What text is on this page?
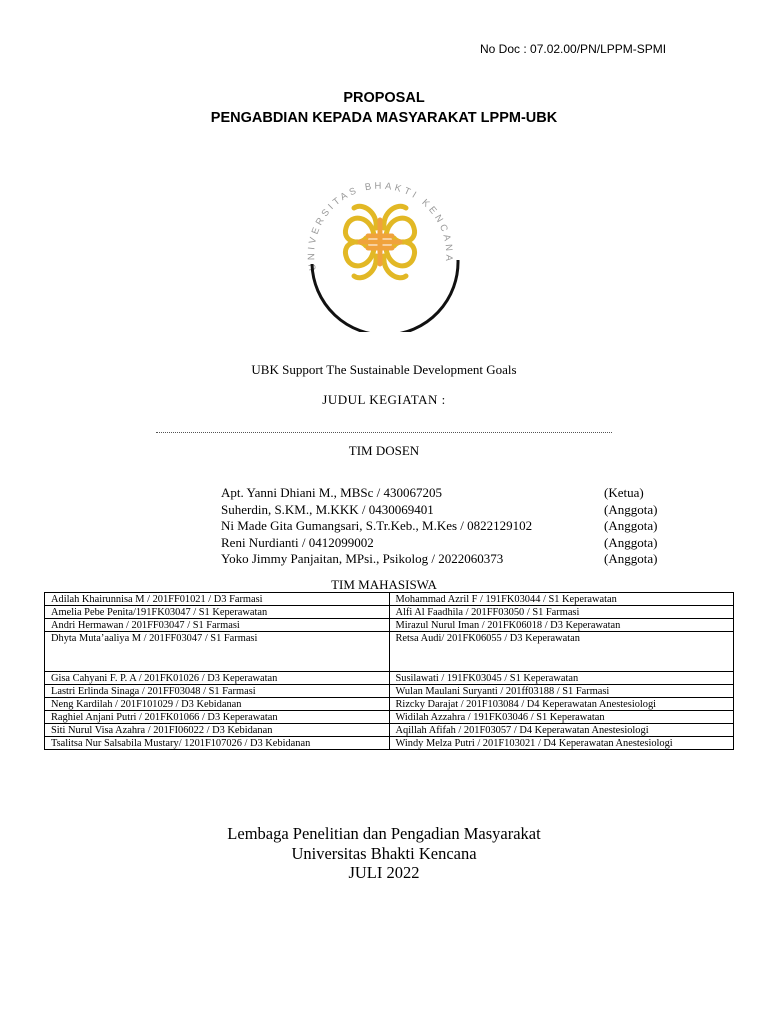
No Doc : 07.02.00/PN/LPPM-SPMI
PROPOSAL
PENGABDIAN KEPADA MASYARAKAT LPPM-UBK
UNIVERSITAS BHAKTI KENCANA
UBK Support The Sustainable Development Goals
JUDUL KEGIATAN :
TIM DOSEN
Apt. Yanni Dhiani M., MBSc / 430067205	(Ketua)
Suherdin, S.KM., M.KKK / 0430069401	(Anggota)
Ni Made Gita Gumangsari, S.Tr.Keb., M.Kes / 0822129102	(Anggota)
Reni Nurdianti / 0412099002	(Anggota)
Yoko Jimmy Panjaitan, MPsi., Psikolog / 2022060373	(Anggota)
TIM MAHASISWA
Adilah Khairunnisa M / 201FF01021 / D3 Farmasi	Mohammad Azril F / 191FK03044 / S1 Keperawatan
Amelia Pebe Penita/191FK03047 / S1 Keperawatan	Alfi Al Faadhila / 201FF03050 / S1 Farmasi
Andri Hermawan / 201FF03047 / S1 Farmasi	Mirazul Nurul Iman / 201FK06018 / D3 Keperawatan
Dhyta Muta’aaliya M / 201FF03047 / S1 Farmasi	Retsa Audi/ 201FK06055 / D3 Keperawatan
Gisa Cahyani F. P. A / 201FK01026 / D3 Keperawatan	Susilawati / 191FK03045 / S1 Keperawatan
Lastri Erlinda Sinaga / 201FF03048 / S1 Farmasi	Wulan Maulani Suryanti / 201ff03188 / S1 Farmasi
Neng Kardilah / 201F101029 / D3 Kebidanan	Rizcky Darajat / 201F103084 / D4 Keperawatan Anestesiologi
Raghiel Anjani Putri / 201FK01066 / D3 Keperawatan	Widilah Azzahra / 191FK03046 / S1 Keperawatan
Siti Nurul Visa Azahra / 201FI06022 / D3 Kebidanan	Aqillah Afifah / 201F03057 / D4 Keperawatan Anestesiologi
Tsalitsa Nur Salsabila Mustary/ 1201F107026 / D3 Kebidanan	Windy Melza Putri / 201F103021 / D4 Keperawatan Anestesiologi
Lembaga Penelitian dan Pengadian Masyarakat
Universitas Bhakti Kencana
JULI 2022
